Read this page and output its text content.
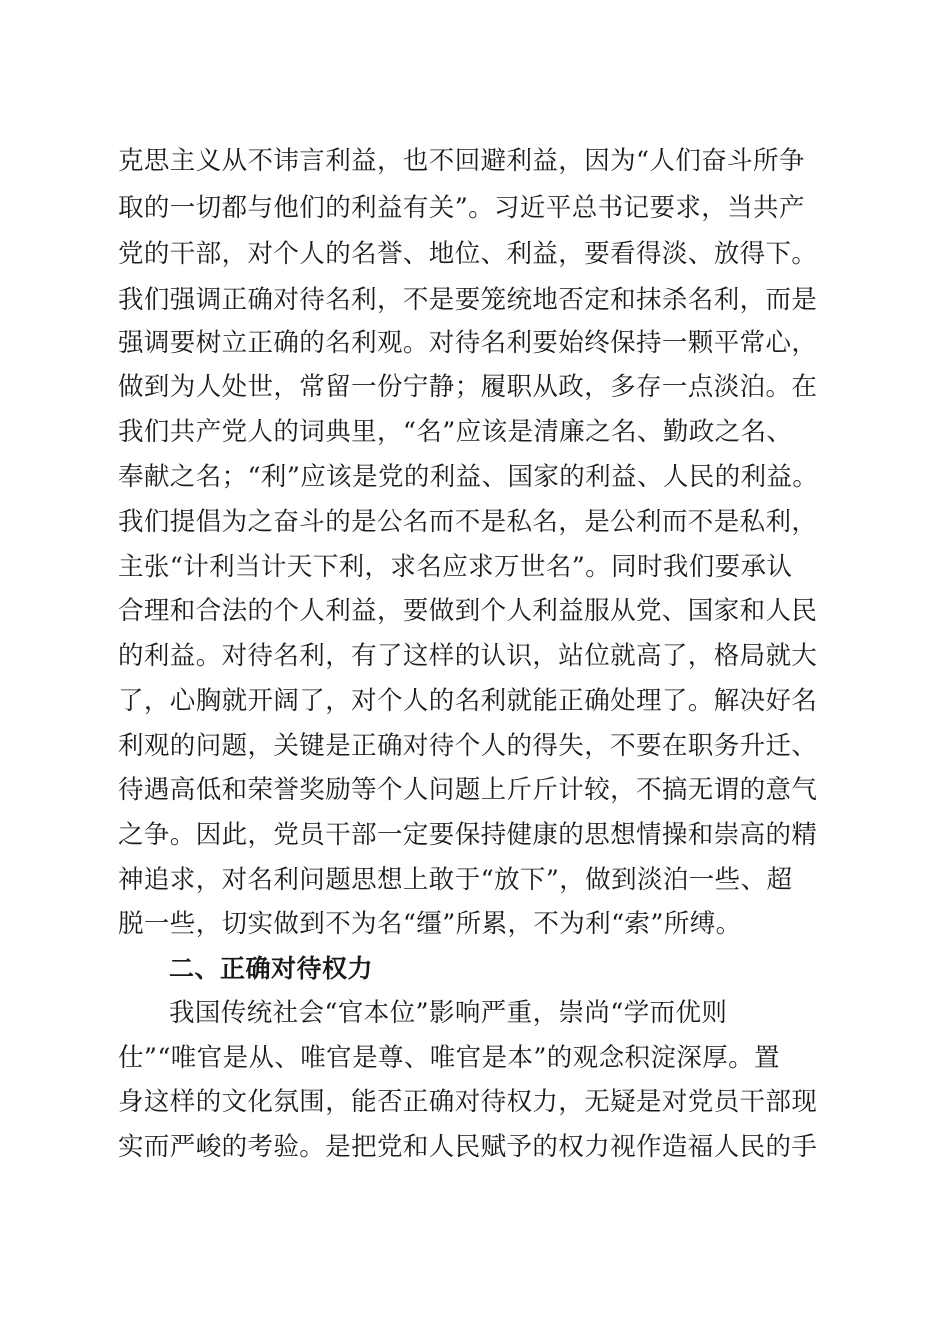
克思主义从不讳言利益，也不回避利益，因为“人们奋斗所争
取的一切都与他们的利益有关”。习近平总书记要求，当共产
党的干部，对个人的名誉、地位、利益，要看得淡、放得下。
我们强调正确对待名利，不是要笼统地否定和抹杀名利，而是
强调要树立正确的名利观。对待名利要始终保持一颗平常心，
做到为人处世，常留一份宁静；履职从政，多存一点淡泊。在
我们共产党人的词典里，“名”应该是清廉之名、勤政之名、
奉献之名；“利”应该是党的利益、国家的利益、人民的利益。
我们提倡为之奋斗的是公名而不是私名，是公利而不是私利，
主张“计利当计天下利，求名应求万世名”。同时我们要承认
合理和合法的个人利益，要做到个人利益服从党、国家和人民
的利益。对待名利，有了这样的认识，站位就高了，格局就大
了，心胸就开阔了，对个人的名利就能正确处理了。解决好名
利观的问题，关键是正确对待个人的得失，不要在职务升迁、
待遇高低和荣誉奖励等个人问题上斤斤计较，不搞无谓的意气
之争。因此，党员干部一定要保持健康的思想情操和崇高的精
神追求，对名利问题思想上敢于“放下”，做到淡泊一些、超
脱一些，切实做到不为名“缰”所累，不为利“索”所缚。
二、正确对待权力
我国传统社会“官本位”影响严重，崇尚“学而优则
仕”“唯官是从、唯官是尊、唯官是本”的观念积淀深厚。置
身这样的文化氛围，能否正确对待权力，无疑是对党员干部现
实而严峻的考验。是把党和人民赋予的权力视作造福人民的手
